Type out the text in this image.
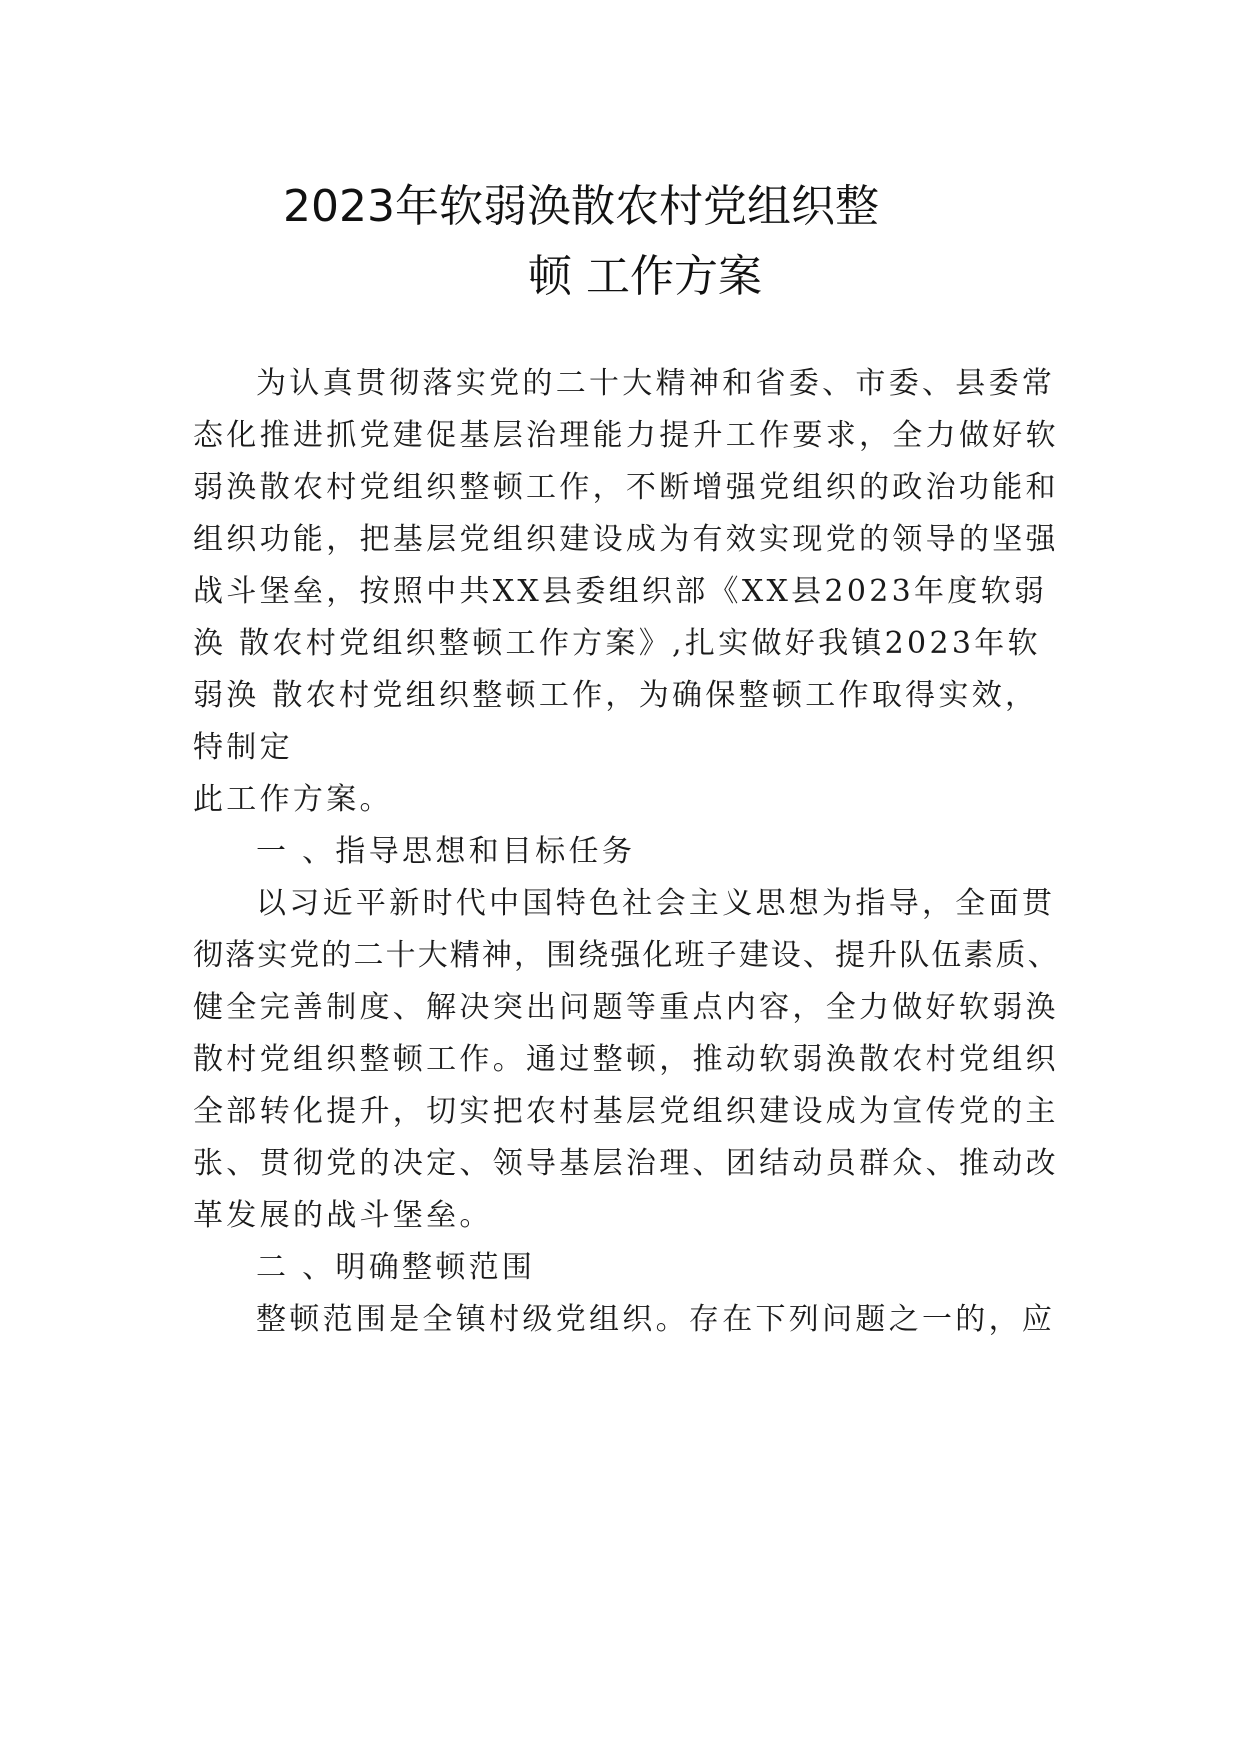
2023年软弱涣散农村党组织整
顿 工作方案
为认真贯彻落实党的二十大精神和省委、市委、县委常
态化推进抓党建促基层治理能力提升工作要求，全力做好软
弱涣散农村党组织整顿工作，不断增强党组织的政治功能和
组织功能，把基层党组织建设成为有效实现党的领导的坚强
战斗堡垒，按照中共XX县委组织部《XX县2023年度软弱
涣 散农村党组织整顿工作方案》,扎实做好我镇2023年软
弱涣 散农村党组织整顿工作，为确保整顿工作取得实效，
特制定
此工作方案。
一 、指导思想和目标任务
以习近平新时代中国特色社会主义思想为指导，全面贯
彻落实党的二十大精神，围绕强化班子建设、提升队伍素质、
健全完善制度、解决突出问题等重点内容，全力做好软弱涣
散村党组织整顿工作。通过整顿，推动软弱涣散农村党组织
全部转化提升，切实把农村基层党组织建设成为宣传党的主
张、贯彻党的决定、领导基层治理、团结动员群众、推动改
革发展的战斗堡垒。
二 、明确整顿范围
整顿范围是全镇村级党组织。存在下列问题之一的，应
